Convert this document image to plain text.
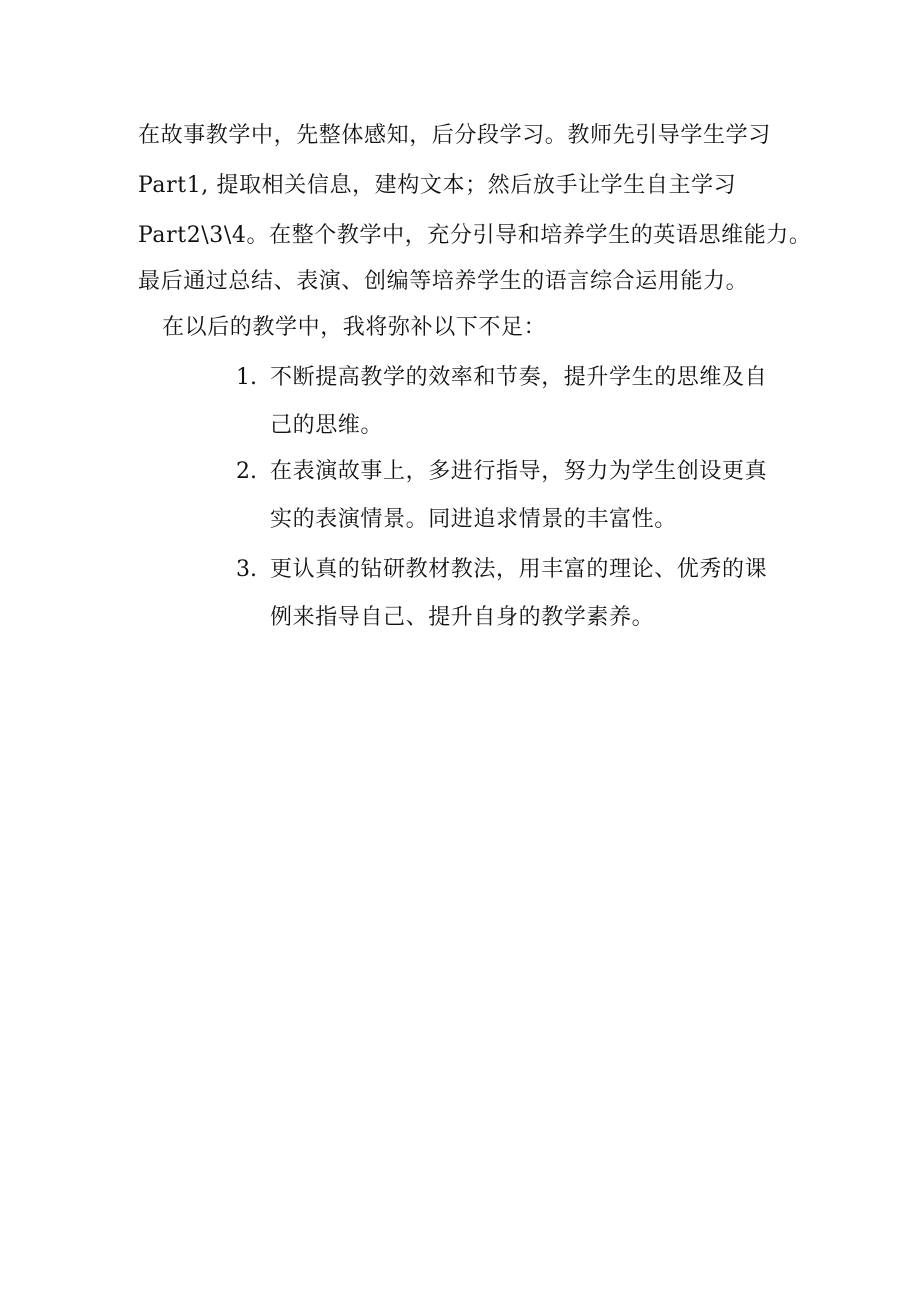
在故事教学中，先整体感知，后分段学习。教师先引导学生学习
Part1, 提取相关信息，建构文本；然后放手让学生自主学习
Part2\3\4。在整个教学中，充分引导和培养学生的英语思维能力。
最后通过总结、表演、创编等培养学生的语言综合运用能力。
在以后的教学中，我将弥补以下不足：
1. 不断提高教学的效率和节奏，提升学生的思维及自
己的思维。
2. 在表演故事上，多进行指导，努力为学生创设更真
实的表演情景。同进追求情景的丰富性。
3. 更认真的钻研教材教法，用丰富的理论、优秀的课
例来指导自己、提升自身的教学素养。
